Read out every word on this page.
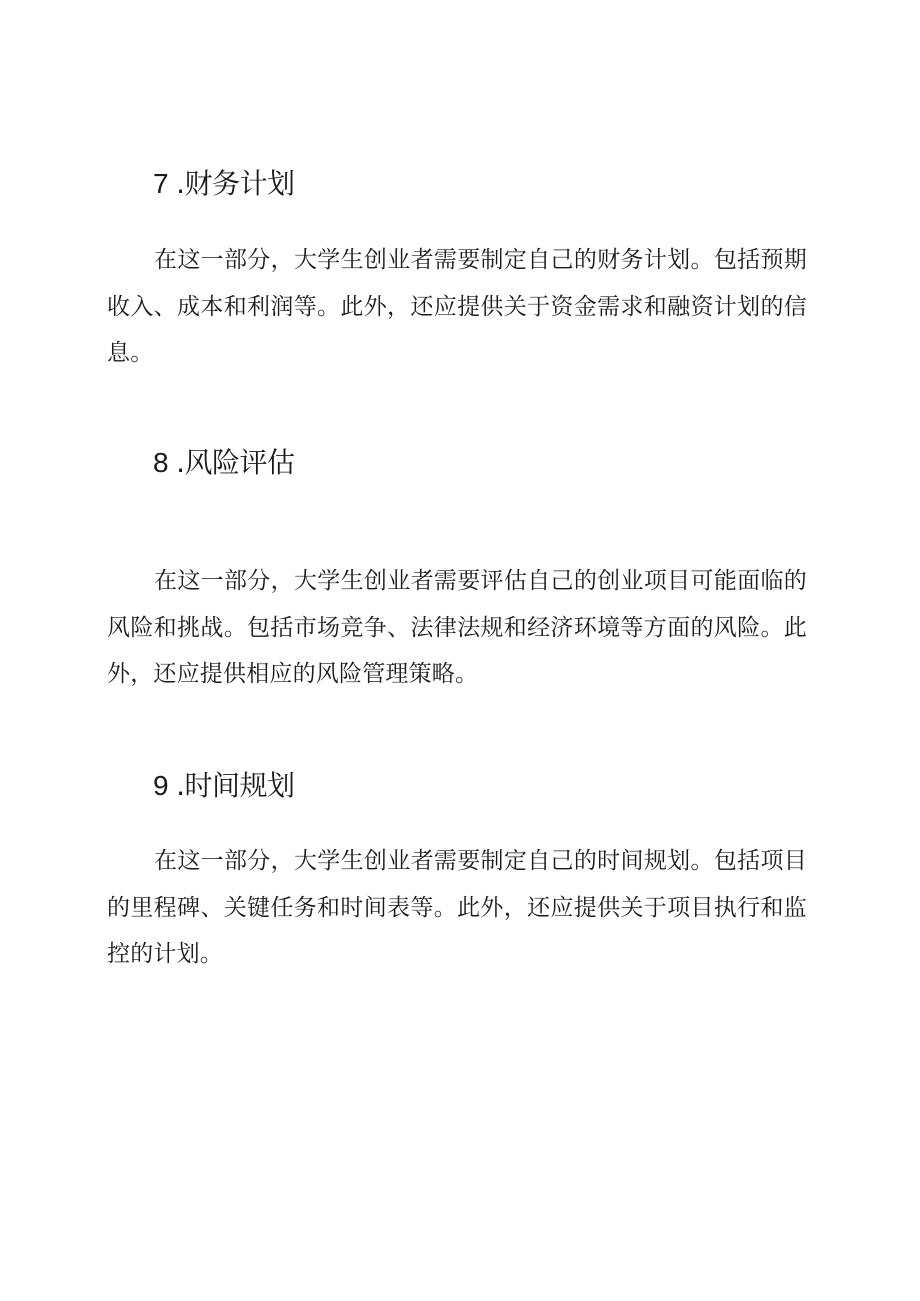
7 .财务计划

在这一部分，大学生创业者需要制定自己的财务计划。包括预期收入、成本和利润等。此外，还应提供关于资金需求和融资计划的信息。

8 .风险评估

在这一部分，大学生创业者需要评估自己的创业项目可能面临的风险和挑战。包括市场竞争、法律法规和经济环境等方面的风险。此外，还应提供相应的风险管理策略。

9 .时间规划

在这一部分，大学生创业者需要制定自己的时间规划。包括项目的里程碑、关键任务和时间表等。此外，还应提供关于项目执行和监控的计划。
